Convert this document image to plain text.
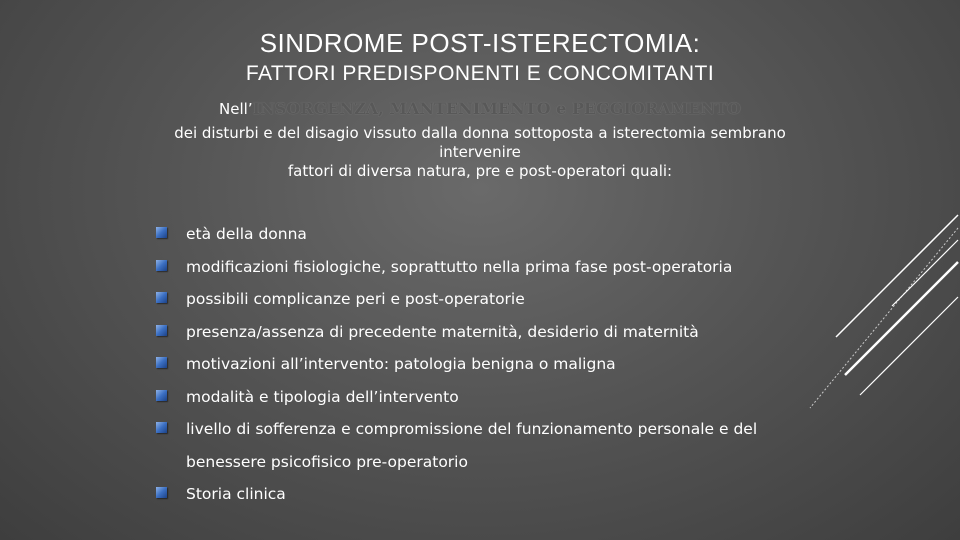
SINDROME POST-ISTERECTOMIA:
FATTORI PREDISPONENTI E CONCOMITANTI
Nell’INSORGENZA, MANTENIMENTO e PEGGIORAMENTO
dei disturbi e del disagio vissuto dalla donna sottoposta a isterectomia sembrano
intervenire
fattori di diversa natura, pre e post-operatori quali:
età della donna
modificazioni fisiologiche, soprattutto nella prima fase post-operatoria
possibili complicanze peri e post-operatorie
presenza/assenza di precedente maternità, desiderio di maternità
motivazioni all’intervento: patologia benigna o maligna
modalità e tipologia dell’intervento
livello di sofferenza e compromissione del funzionamento personale e del
benessere psicofisico pre-operatorio
Storia clinica
